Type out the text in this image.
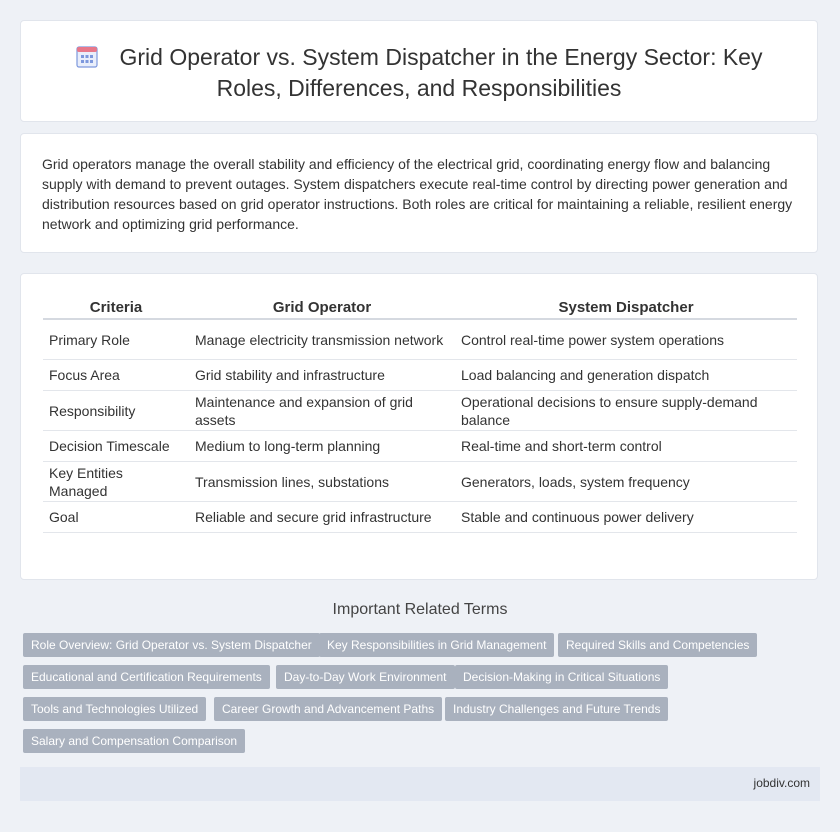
Grid Operator vs. System Dispatcher in the Energy Sector: Key
Roles, Differences, and Responsibilities

Grid operators manage the overall stability and efficiency of the electrical grid, coordinating energy flow and balancing supply with demand to prevent outages. System dispatchers execute real-time control by directing power generation and distribution resources based on grid operator instructions. Both roles are critical for maintaining a reliable, resilient energy network and optimizing grid performance.

Criteria	Grid Operator	System Dispatcher
Primary Role	Manage electricity transmission network	Control real-time power system operations
Focus Area	Grid stability and infrastructure	Load balancing and generation dispatch
Responsibility	Maintenance and expansion of grid assets	Operational decisions to ensure supply-demand balance
Decision Timescale	Medium to long-term planning	Real-time and short-term control
Key Entities Managed	Transmission lines, substations	Generators, loads, system frequency
Goal	Reliable and secure grid infrastructure	Stable and continuous power delivery
Important Related Terms
Role Overview: Grid Operator vs. System Dispatcher	Key Responsibilities in Grid Management	Required Skills and Competencies
Educational and Certification Requirements	Day-to-Day Work Environment	Decision-Making in Critical Situations
Tools and Technologies Utilized	Career Growth and Advancement Paths	Industry Challenges and Future Trends
Salary and Compensation Comparison
jobdiv.com
